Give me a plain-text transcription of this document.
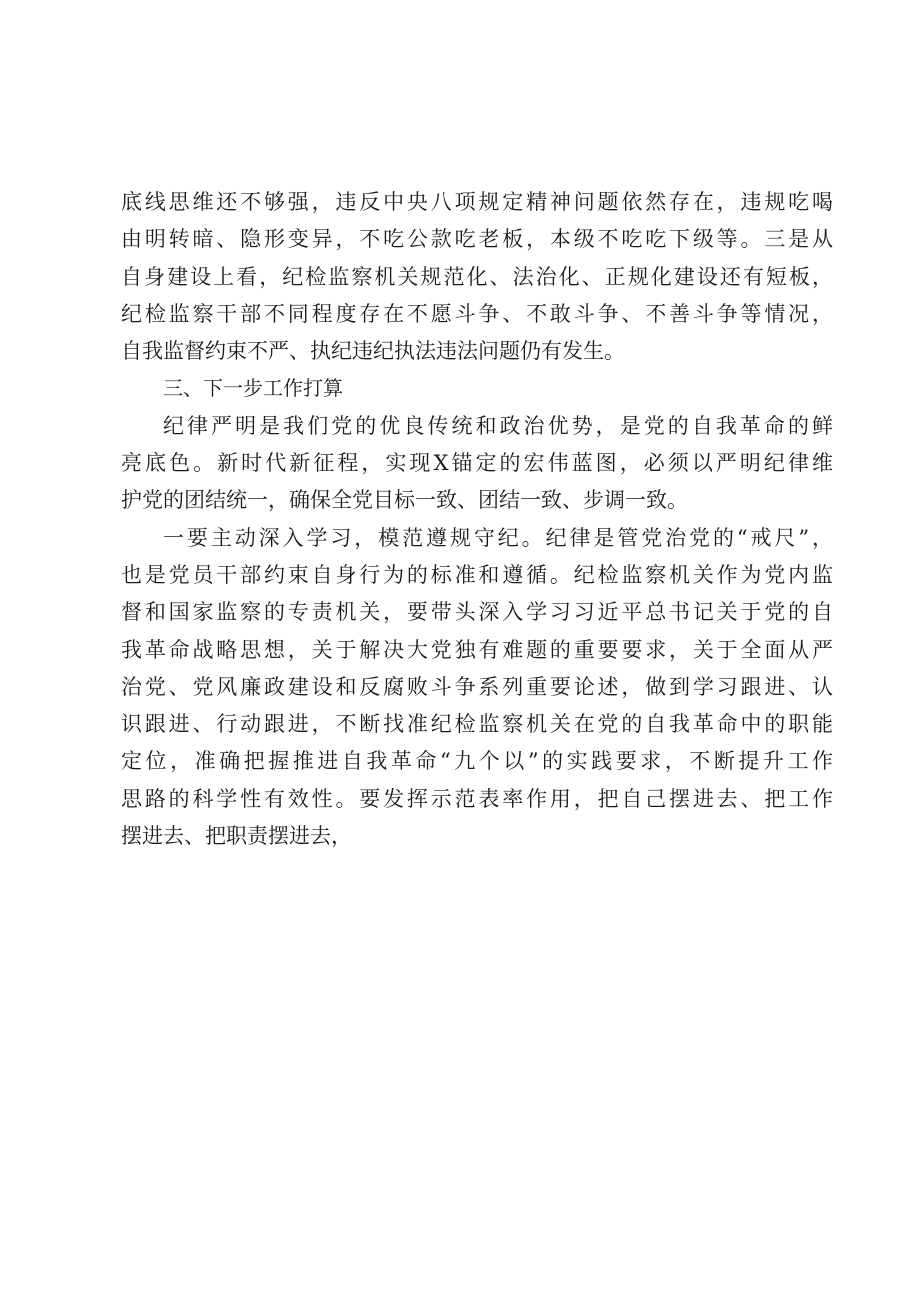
底线思维还不够强，违反中央八项规定精神问题依然存在，违规吃喝
由明转暗、隐形变异，不吃公款吃老板，本级不吃吃下级等。三是从
自身建设上看，纪检监察机关规范化、法治化、正规化建设还有短板，
纪检监察干部不同程度存在不愿斗争、不敢斗争、不善斗争等情况，
自我监督约束不严、执纪违纪执法违法问题仍有发生。
三、下一步工作打算
纪律严明是我们党的优良传统和政治优势，是党的自我革命的鲜
亮底色。新时代新征程，实现X锚定的宏伟蓝图，必须以严明纪律维
护党的团结统一，确保全党目标一致、团结一致、步调一致。
一要主动深入学习，模范遵规守纪。纪律是管党治党的“戒尺”，
也是党员干部约束自身行为的标准和遵循。纪检监察机关作为党内监
督和国家监察的专责机关，要带头深入学习习近平总书记关于党的自
我革命战略思想，关于解决大党独有难题的重要要求，关于全面从严
治党、党风廉政建设和反腐败斗争系列重要论述，做到学习跟进、认
识跟进、行动跟进，不断找准纪检监察机关在党的自我革命中的职能
定位，准确把握推进自我革命“九个以”的实践要求，不断提升工作
思路的科学性有效性。要发挥示范表率作用，把自己摆进去、把工作
摆进去、把职责摆进去，
